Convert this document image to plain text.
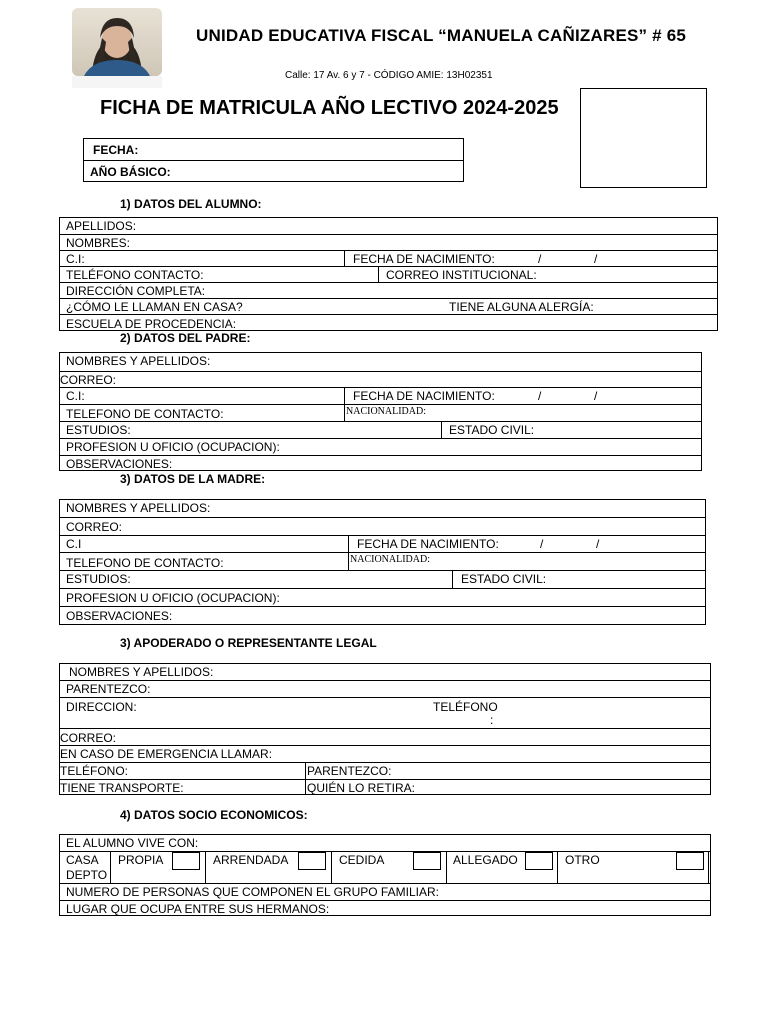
UNIDAD EDUCATIVA FISCAL “MANUELA CAÑIZARES” # 65
Calle: 17 Av. 6 y 7 - CÓDIGO AMIE: 13H02351
FICHA DE MATRICULA AÑO LECTIVO 2024-2025
FECHA:
AÑO BÁSICO:
1) DATOS DEL ALUMNO:
APELLIDOS:
NOMBRES:
C.I:	FECHA DE NACIMIENTO:	/	/
TELÉFONO CONTACTO:	CORREO INSTITUCIONAL:
DIRECCIÓN COMPLETA:
¿CÓMO LE LLAMAN EN CASA?	TIENE ALGUNA ALERGÍA:
ESCUELA DE PROCEDENCIA:
2) DATOS DEL PADRE:
NOMBRES Y APELLIDOS:
CORREO:
C.I:	FECHA DE NACIMIENTO:	/	/
TELEFONO DE CONTACTO:	NACIONALIDAD:
ESTUDIOS:	ESTADO CIVIL:
PROFESION U OFICIO (OCUPACION):
OBSERVACIONES:
3) DATOS DE LA MADRE:
NOMBRES Y APELLIDOS:
CORREO:
C.I	FECHA DE NACIMIENTO:	/	/
TELEFONO DE CONTACTO:	NACIONALIDAD:
ESTUDIOS:	ESTADO CIVIL:
PROFESION U OFICIO (OCUPACION):
OBSERVACIONES:
3) APODERADO O REPRESENTANTE LEGAL
NOMBRES Y APELLIDOS:
PARENTEZCO:
DIRECCION:	TELÉFONO
:
CORREO:
EN CASO DE EMERGENCIA LLAMAR:
TELÉFONO:	PARENTEZCO:
TIENE TRANSPORTE:	QUIÉN LO RETIRA:
4) DATOS SOCIO ECONOMICOS:
EL ALUMNO VIVE CON:
CASA
DEPTO
PROPIA	ARRENDADA	CEDIDA	ALLEGADO	OTRO
NUMERO DE PERSONAS QUE COMPONEN EL GRUPO FAMILIAR:
LUGAR QUE OCUPA ENTRE SUS HERMANOS:
